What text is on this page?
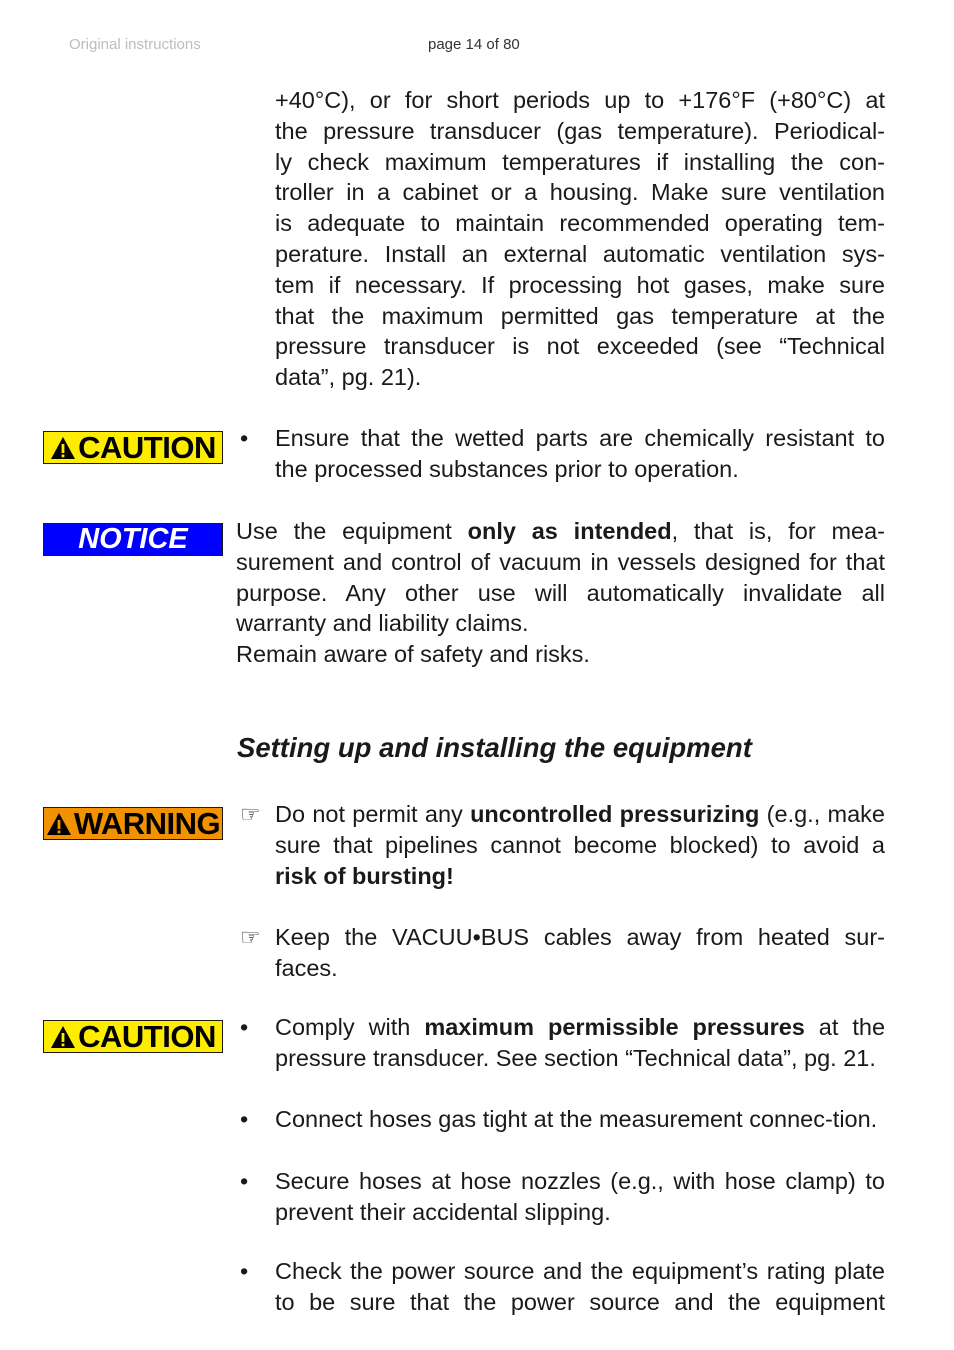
Original instructions	page 14 of 80
+40°C), or for short periods up to +176°F (+80°C) at
the pressure transducer (gas temperature). Periodical-
ly check maximum temperatures if installing the con-
troller in a cabinet or a housing. Make sure ventilation
is adequate to maintain recommended operating tem-
perature. Install an external automatic ventilation sys-
tem if necessary. If processing hot gases, make sure
that the maximum permitted gas temperature at the
pressure transducer is not exceeded (see “Technical
data”, pg. 21).
CAUTION • Ensure that the wetted parts are chemically resistant to the processed substances prior to operation.

NOTICE Use the equipment only as intended, that is, for mea-surement and control of vacuum in vessels designed for that purpose. Any other use will automatically invalidate all warranty and liability claims.

Remain aware of safety and risks.

Setting up and installing the equipment
WARNING ☞ Do not permit any uncontrolled pressurizing (e.g., make sure that pipelines cannot become blocked) to avoid a risk of bursting!

☞ Keep the VACUU•BUS cables away from heated sur-faces.

CAUTION • Comply with maximum permissible pressures at the pressure transducer. See section “Technical data”, pg. 21.

• Connect hoses gas tight at the measurement connec-tion.

• Secure hoses at hose nozzles (e.g., with hose clamp) to prevent their accidental slipping.

• Check the power source and the equipment’s rating plate to be sure that the power source and the equipment
